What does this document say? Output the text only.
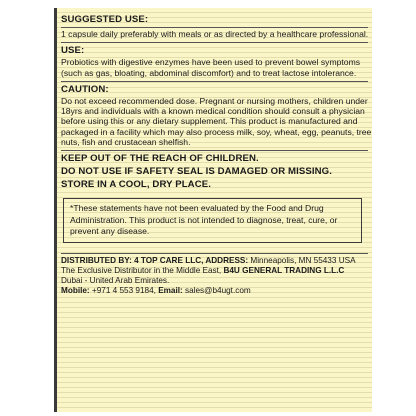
SUGGESTED USE:

1 capsule daily preferably with meals or as directed by a healthcare professional.

USE:

Probiotics with digestive enzymes have been used to prevent bowel symptoms (such as gas, bloating, abdominal discomfort) and to treat lactose intolerance.

CAUTION:

Do not exceed recommended dose. Pregnant or nursing mothers, children under 18yrs and individuals with a known medical condition should consult a physician before using this or any dietary supplement. This product is manufactured and packaged in a facility which may also process milk, soy, wheat, egg, peanuts, tree nuts, fish and crustacean shelfish.

KEEP OUT OF THE REACH OF CHILDREN.

DO NOT USE IF SAFETY SEAL IS DAMAGED OR MISSING.

STORE IN A COOL, DRY PLACE.

*These statements have not been evaluated by the Food and Drug Administration. This product is not intended to diagnose, treat, cure, or prevent any disease.
DISTRIBUTED BY: 4 TOP CARE LLC, ADDRESS: Minneapolis, MN 55433 USA
The Exclusive Distributor in the Middle East, B4U GENERAL TRADING L.L.C
Dubai - United Arab Emirates.
Mobile: +971 4 553 9184, Email: sales@b4ugt.com
